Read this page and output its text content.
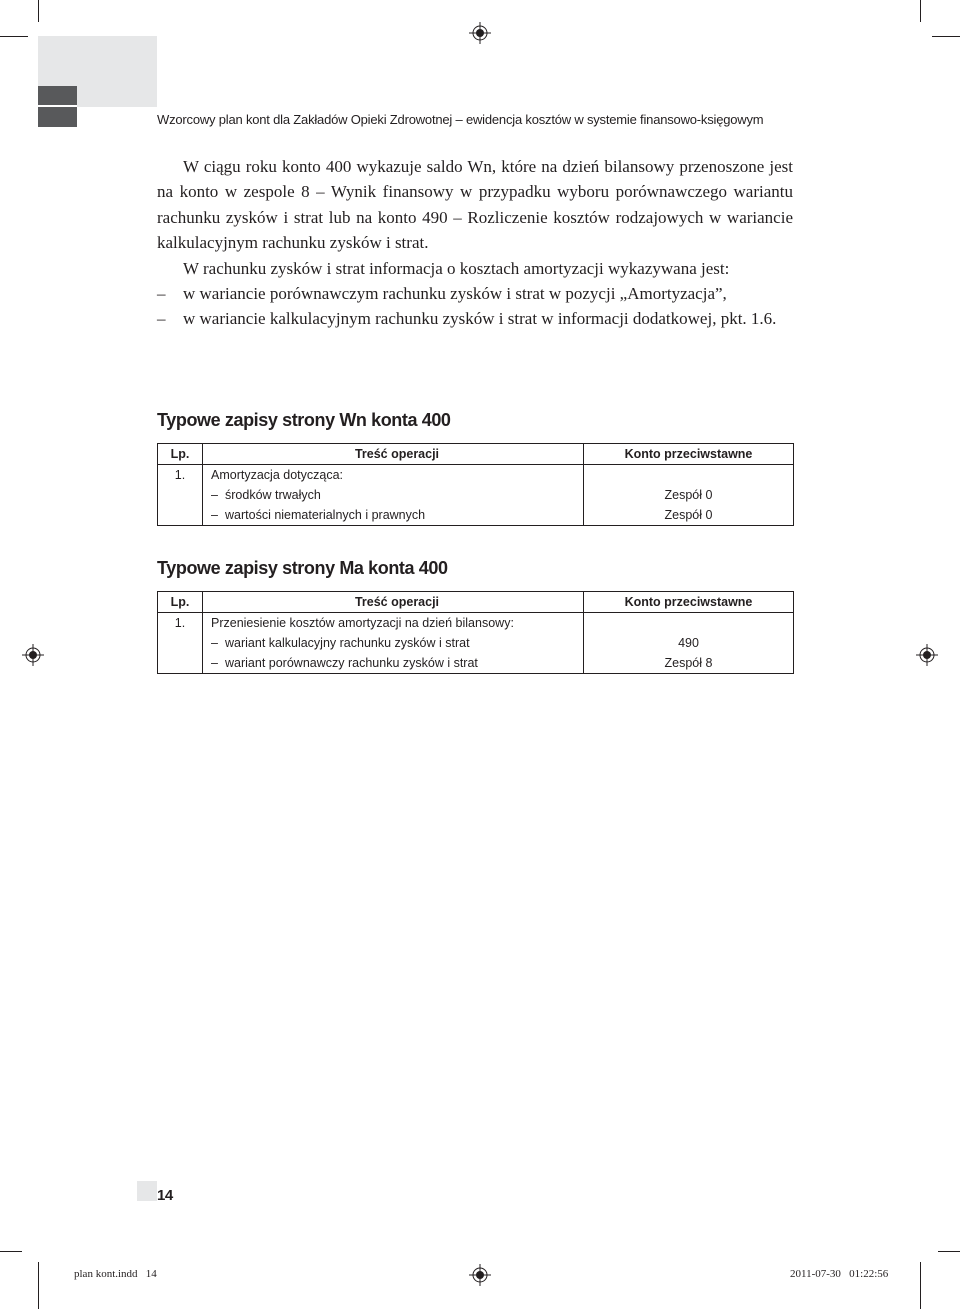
Wzorcowy plan kont dla Zakładów Opieki Zdrowotnej – ewidencja kosztów w systemie finansowo-księgowym

W ciągu roku konto 400 wykazuje saldo Wn, które na dzień bilansowy przenoszone jest na konto w zespole 8 – Wynik finansowy w przypadku wyboru porównawczego wariantu rachunku zysków i strat lub na konto 490 – Rozliczenie kosztów rodzajowych w wariancie kalkulacyjnym rachunku zysków i strat.

W rachunku zysków i strat informacja o kosztach amortyzacji wykazywana jest:

– w wariancie porównawczym rachunku zysków i strat w pozycji „Amortyzacja”,

– w wariancie kalkulacyjnym rachunku zysków i strat w informacji dodatkowej, pkt. 1.6.

Typowe zapisy strony Wn konta 400
Lp.	Treść operacji	Konto przeciwstawne
1.	Amortyzacja dotycząca:	
	– środków trwałych	Zespół 0
	– wartości niematerialnych i prawnych	Zespół 0
Typowe zapisy strony Ma konta 400
Lp.	Treść operacji	Konto przeciwstawne
1.	Przeniesienie kosztów amortyzacji na dzień bilansowy:	
	– wariant kalkulacyjny rachunku zysków i strat	490
	– wariant porównawczy rachunku zysków i strat	Zespół 8
14
plan kont.indd   14	2011-07-30   01:22:56
